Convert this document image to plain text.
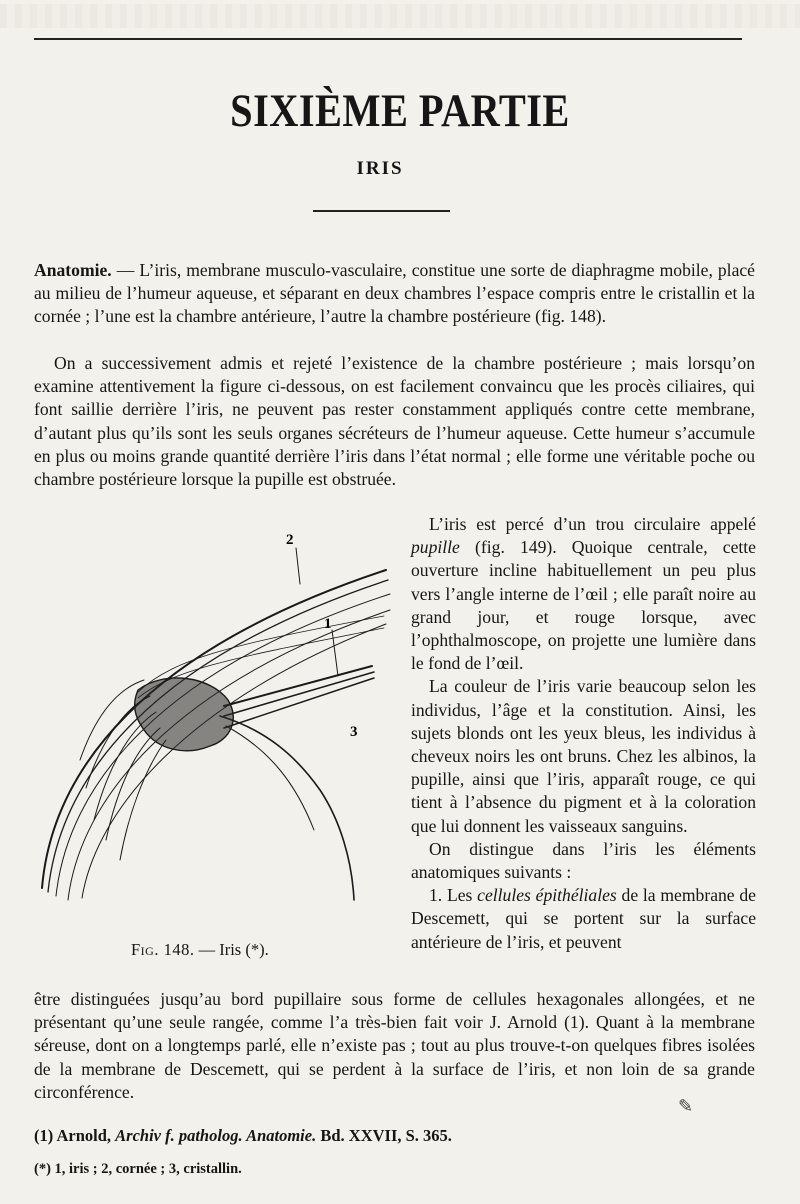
SIXIÈME PARTIE
IRIS
Anatomie. — L’iris, membrane musculo-vasculaire, constitue une sorte de diaphragme mobile, placé au milieu de l’humeur aqueuse, et séparant en deux chambres l’espace compris entre le cristallin et la cornée ; l’une est la chambre antérieure, l’autre la chambre postérieure (fig. 148).
On a successivement admis et rejeté l’existence de la chambre postérieure ; mais lorsqu’on examine attentivement la figure ci-dessous, on est facilement convaincu que les procès ciliaires, qui font saillie derrière l’iris, ne peuvent pas rester constamment appliqués contre cette membrane, d’autant plus qu’ils sont les seuls organes sécréteurs de l’humeur aqueuse. Cette humeur s’accumule en plus ou moins grande quantité derrière l’iris dans l’état normal ; elle forme une véritable poche ou chambre postérieure lorsque la pupille est obstruée.
2
1
3
Fig. 148. — Iris (*).

L’iris est percé d’un trou circulaire appelé pupille (fig. 149). Quoique centrale, cette ouverture incline habituellement un peu plus vers l’angle interne de l’œil ; elle paraît noire au grand jour, et rouge lorsque, avec l’ophthalmoscope, on projette une lumière dans le fond de l’œil.

La couleur de l’iris varie beaucoup selon les individus, l’âge et la constitution. Ainsi, les sujets blonds ont les yeux bleus, les individus à cheveux noirs les ont bruns. Chez les albinos, la pupille, ainsi que l’iris, apparaît rouge, ce qui tient à l’absence du pigment et à la coloration que lui donnent les vaisseaux sanguins.

On distingue dans l’iris les éléments anatomiques suivants :

1. Les cellules épithéliales de la membrane de Descemett, qui se portent sur la surface antérieure de l’iris, et peuvent

être distinguées jusqu’au bord pupillaire sous forme de cellules hexagonales allongées, et ne présentant qu’une seule rangée, comme l’a très-bien fait voir J. Arnold (1). Quant à la membrane séreuse, dont on a longtemps parlé, elle n’existe pas ; tout au plus trouve-t-on quelques fibres isolées de la membrane de Descemett, qui se perdent à la surface de l’iris, et non loin de sa grande circonférence.
✎
(1) Arnold, Archiv f. patholog. Anatomie. Bd. XXVII, S. 365.
(*) 1, iris ; 2, cornée ; 3, cristallin.
